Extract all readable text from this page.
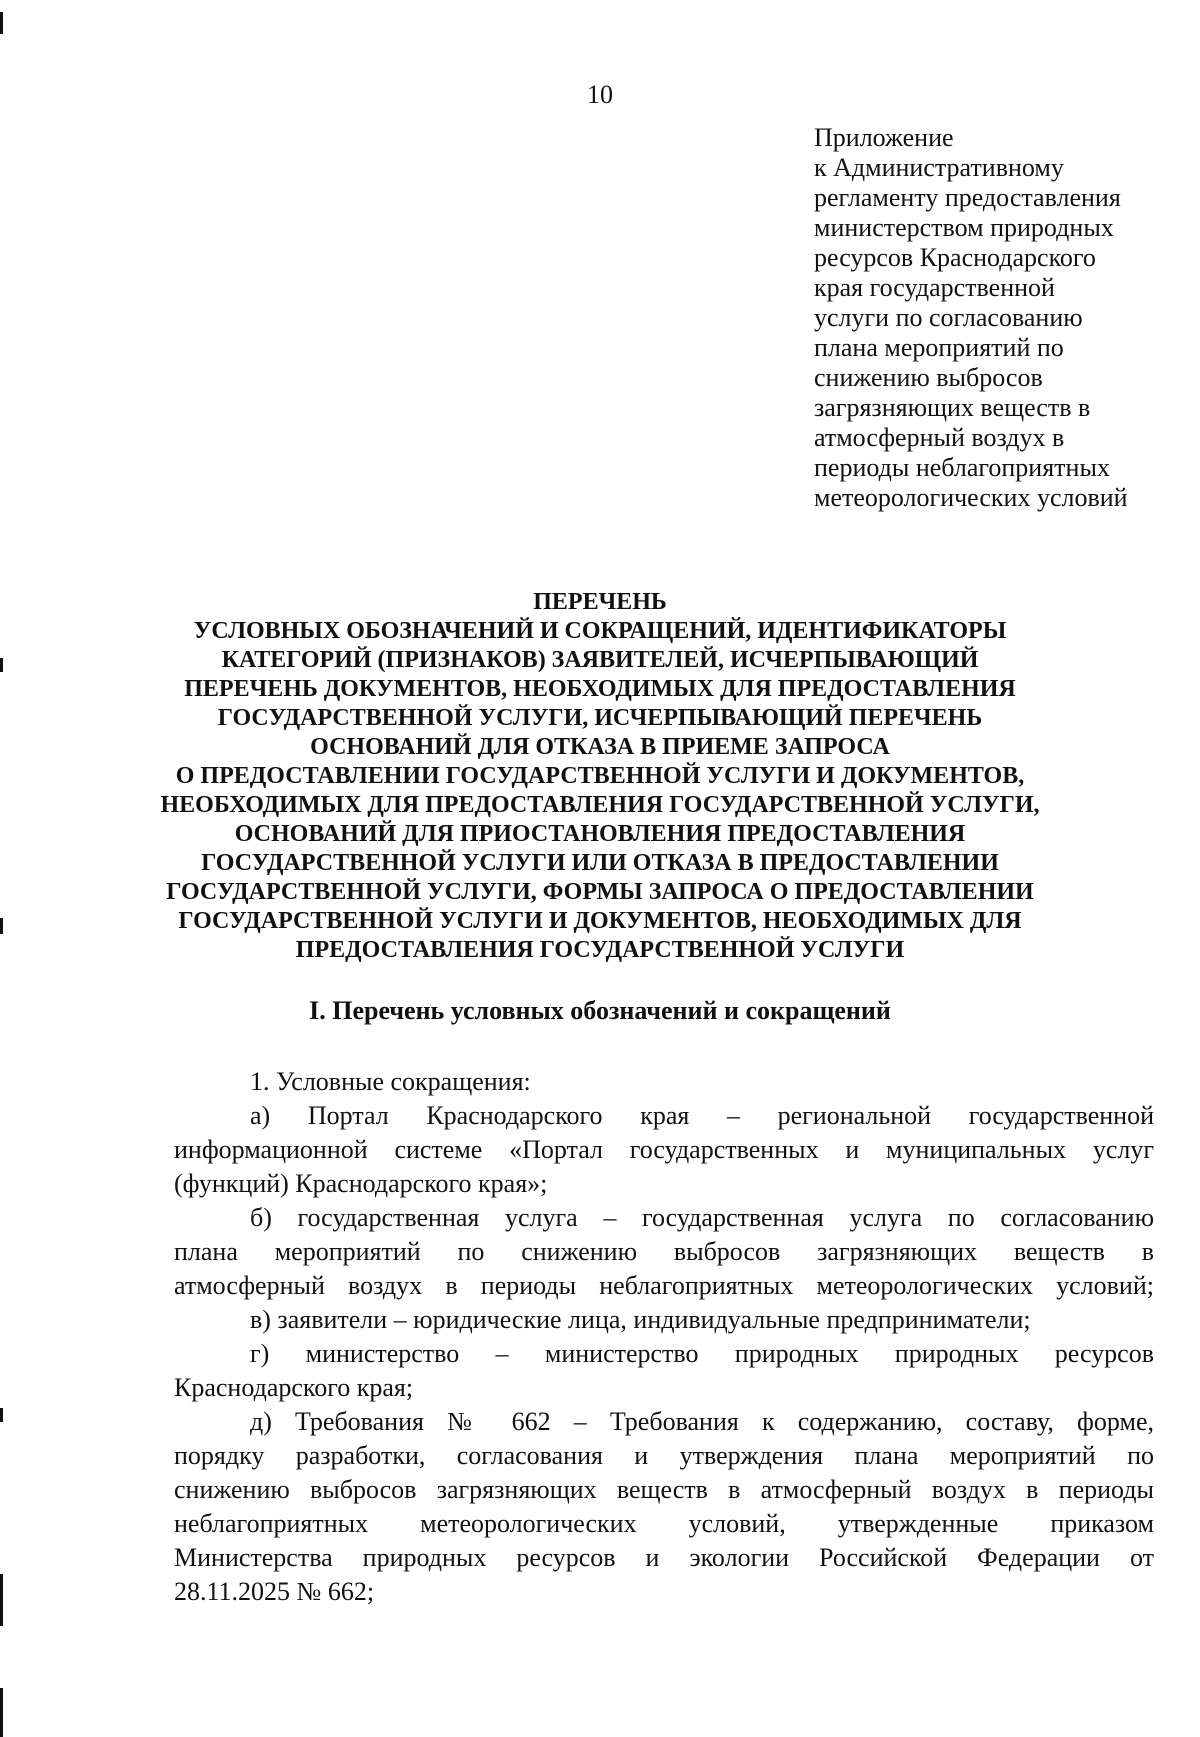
10
Приложение
к Административному
регламенту предоставления
министерством природных
ресурсов Краснодарского
края государственной
услуги по согласованию
плана мероприятий по
снижению выбросов
загрязняющих веществ в
атмосферный воздух в
периоды неблагоприятных
метеорологических условий
ПЕРЕЧЕНЬ
УСЛОВНЫХ ОБОЗНАЧЕНИЙ И СОКРАЩЕНИЙ, ИДЕНТИФИКАТОРЫ
КАТЕГОРИЙ (ПРИЗНАКОВ) ЗАЯВИТЕЛЕЙ, ИСЧЕРПЫВАЮЩИЙ
ПЕРЕЧЕНЬ ДОКУМЕНТОВ, НЕОБХОДИМЫХ ДЛЯ ПРЕДОСТАВЛЕНИЯ
ГОСУДАРСТВЕННОЙ УСЛУГИ, ИСЧЕРПЫВАЮЩИЙ ПЕРЕЧЕНЬ
ОСНОВАНИЙ ДЛЯ ОТКАЗА В ПРИЕМЕ ЗАПРОСА
О ПРЕДОСТАВЛЕНИИ ГОСУДАРСТВЕННОЙ УСЛУГИ И ДОКУМЕНТОВ,
НЕОБХОДИМЫХ ДЛЯ ПРЕДОСТАВЛЕНИЯ ГОСУДАРСТВЕННОЙ УСЛУГИ,
ОСНОВАНИЙ ДЛЯ ПРИОСТАНОВЛЕНИЯ ПРЕДОСТАВЛЕНИЯ
ГОСУДАРСТВЕННОЙ УСЛУГИ ИЛИ ОТКАЗА В ПРЕДОСТАВЛЕНИИ
ГОСУДАРСТВЕННОЙ УСЛУГИ, ФОРМЫ ЗАПРОСА О ПРЕДОСТАВЛЕНИИ
ГОСУДАРСТВЕННОЙ УСЛУГИ И ДОКУМЕНТОВ, НЕОБХОДИМЫХ ДЛЯ
ПРЕДОСТАВЛЕНИЯ ГОСУДАРСТВЕННОЙ УСЛУГИ
I. Перечень условных обозначений и сокращений
1. Условные сокращения:
а) Портал Краснодарского края – региональной государственной
информационной системе «Портал государственных и муниципальных услуг
(функций) Краснодарского края»;
б) государственная услуга – государственная услуга по согласованию
плана мероприятий по снижению выбросов загрязняющих веществ в
атмосферный воздух в периоды неблагоприятных метеорологических условий;
в) заявители – юридические лица, индивидуальные предприниматели;
г) министерство – министерство природных природных ресурсов
Краснодарского края;
д) Требования № 662 – Требования к содержанию, составу, форме,
порядку разработки, согласования и утверждения плана мероприятий по
снижению выбросов загрязняющих веществ в атмосферный воздух в периоды
неблагоприятных метеорологических условий, утвержденные приказом
Министерства природных ресурсов и экологии Российской Федерации от
28.11.2025 № 662;
